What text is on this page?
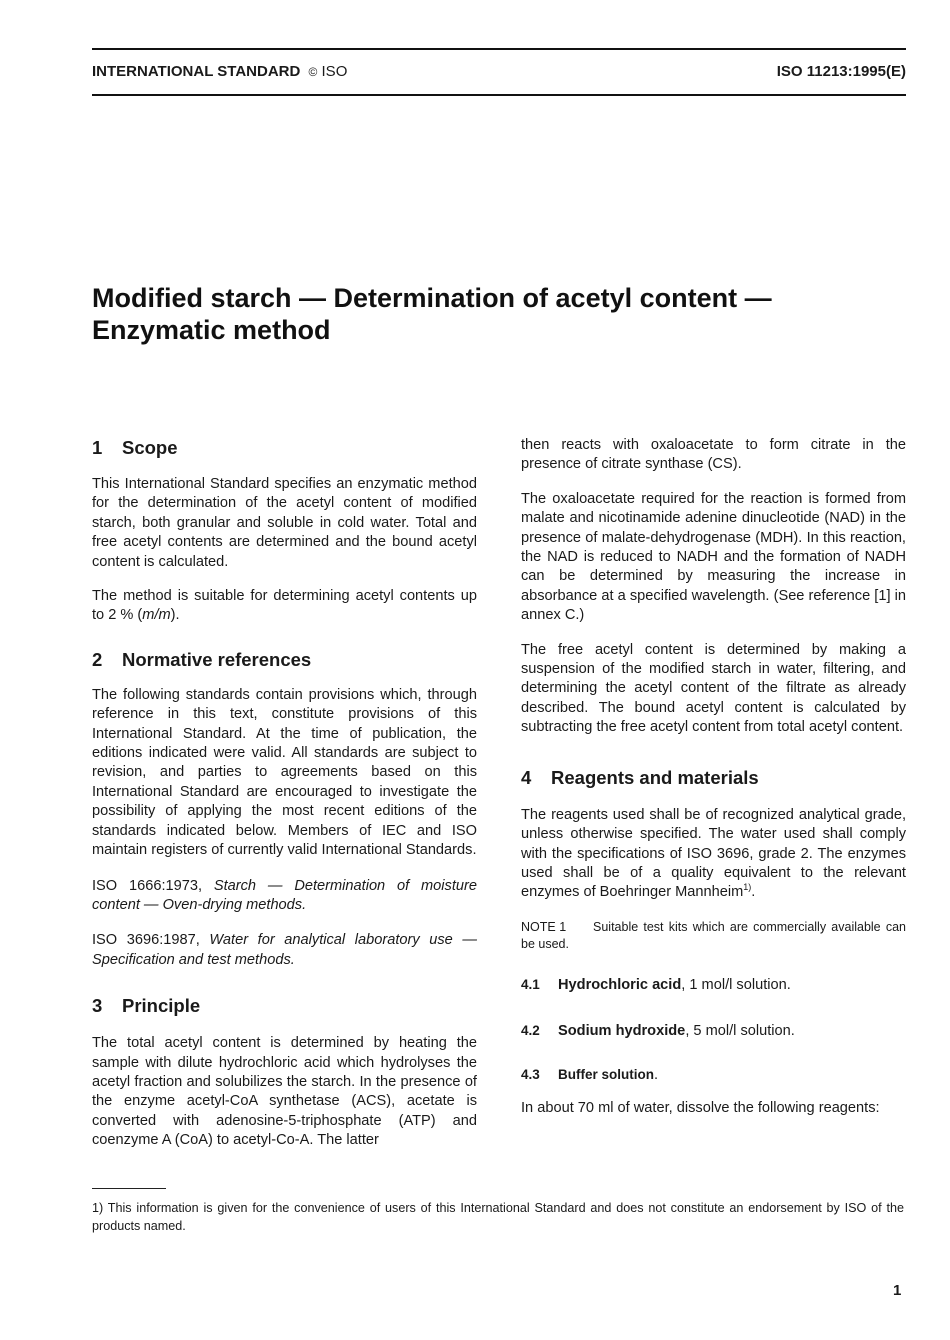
INTERNATIONAL STANDARD © ISO	ISO 11213:1995(E)
Modified starch — Determination of acetyl content —
Enzymatic method
1 Scope

This International Standard specifies an enzymatic method for the determination of the acetyl content of modified starch, both granular and soluble in cold water. Total and free acetyl contents are determined and the bound acetyl content is calculated.

The method is suitable for determining acetyl contents up to 2 % (m/m).

2 Normative references

The following standards contain provisions which, through reference in this text, constitute provisions of this International Standard. At the time of publication, the editions indicated were valid. All standards are subject to revision, and parties to agreements based on this International Standard are encouraged to investigate the possibility of applying the most recent editions of the standards indicated below. Members of IEC and ISO maintain registers of currently valid International Standards.

ISO 1666:1973, Starch — Determination of moisture content — Oven-drying methods.

ISO 3696:1987, Water for analytical laboratory use — Specification and test methods.

3 Principle

The total acetyl content is determined by heating the sample with dilute hydrochloric acid which hydrolyses the acetyl fraction and solubilizes the starch. In the presence of the enzyme acetyl-CoA synthetase (ACS), acetate is converted with adenosine-5-triphosphate (ATP) and coenzyme A (CoA) to acetyl-Co-A. The latter

then reacts with oxaloacetate to form citrate in the presence of citrate synthase (CS).

The oxaloacetate required for the reaction is formed from malate and nicotinamide adenine dinucleotide (NAD) in the presence of malate-dehydrogenase (MDH). In this reaction, the NAD is reduced to NADH and the formation of NADH can be determined by measuring the increase in absorbance at a specified wavelength. (See reference [1] in annex C.)

The free acetyl content is determined by making a suspension of the modified starch in water, filtering, and determining the acetyl content of the filtrate as already described. The bound acetyl content is calculated by subtracting the free acetyl content from total acetyl content.

4 Reagents and materials

The reagents used shall be of recognized analytical grade, unless otherwise specified. The water used shall comply with the specifications of ISO 3696, grade 2. The enzymes used shall be of a quality equivalent to the relevant enzymes of Boehringer Mannheim$^{1)}$.

NOTE 1 Suitable test kits which are commercially available can be used.

4.1 Hydrochloric acid, 1 mol/l solution.
4.2 Sodium hydroxide, 5 mol/l solution.
4.3 Buffer solution.

In about 70 ml of water, dissolve the following reagents:

1) This information is given for the convenience of users of this International Standard and does not constitute an endorsement by ISO of the products named.
1
